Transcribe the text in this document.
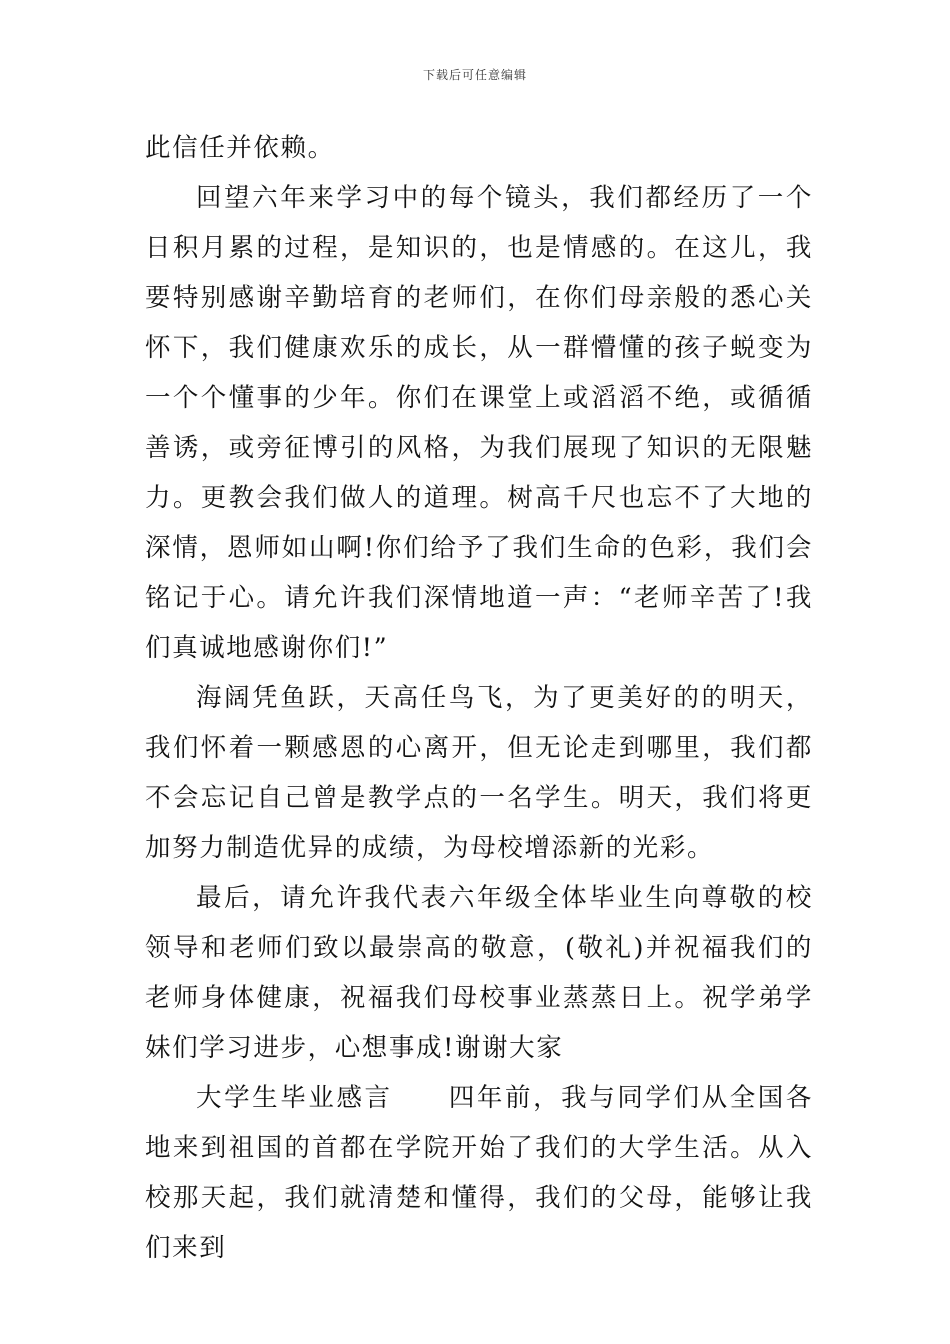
下载后可任意编辑

此信任并依赖。

回望六年来学习中的每个镜头，我们都经历了一个日积月累的过程，是知识的，也是情感的。在这儿，我要特别感谢辛勤培育的老师们，在你们母亲般的悉心关怀下，我们健康欢乐的成长，从一群懵懂的孩子蜕变为一个个懂事的少年。你们在课堂上或滔滔不绝，或循循善诱，或旁征博引的风格，为我们展现了知识的无限魅力。更教会我们做人的道理。树高千尺也忘不了大地的深情，恩师如山啊!你们给予了我们生命的色彩，我们会铭记于心。请允许我们深情地道一声：“老师辛苦了!我们真诚地感谢你们!”

海阔凭鱼跃，天高任鸟飞，为了更美好的的明天，我们怀着一颗感恩的心离开，但无论走到哪里，我们都不会忘记自己曾是教学点的一名学生。明天，我们将更加努力制造优异的成绩，为母校增添新的光彩。

最后，请允许我代表六年级全体毕业生向尊敬的校领导和老师们致以最崇高的敬意，(敬礼)并祝福我们的老师身体健康，祝福我们母校事业蒸蒸日上。祝学弟学妹们学习进步，心想事成!谢谢大家

大学生毕业感言　　四年前，我与同学们从全国各地来到祖国的首都在学院开始了我们的大学生活。从入校那天起，我们就清楚和懂得，我们的父母，能够让我们来到
